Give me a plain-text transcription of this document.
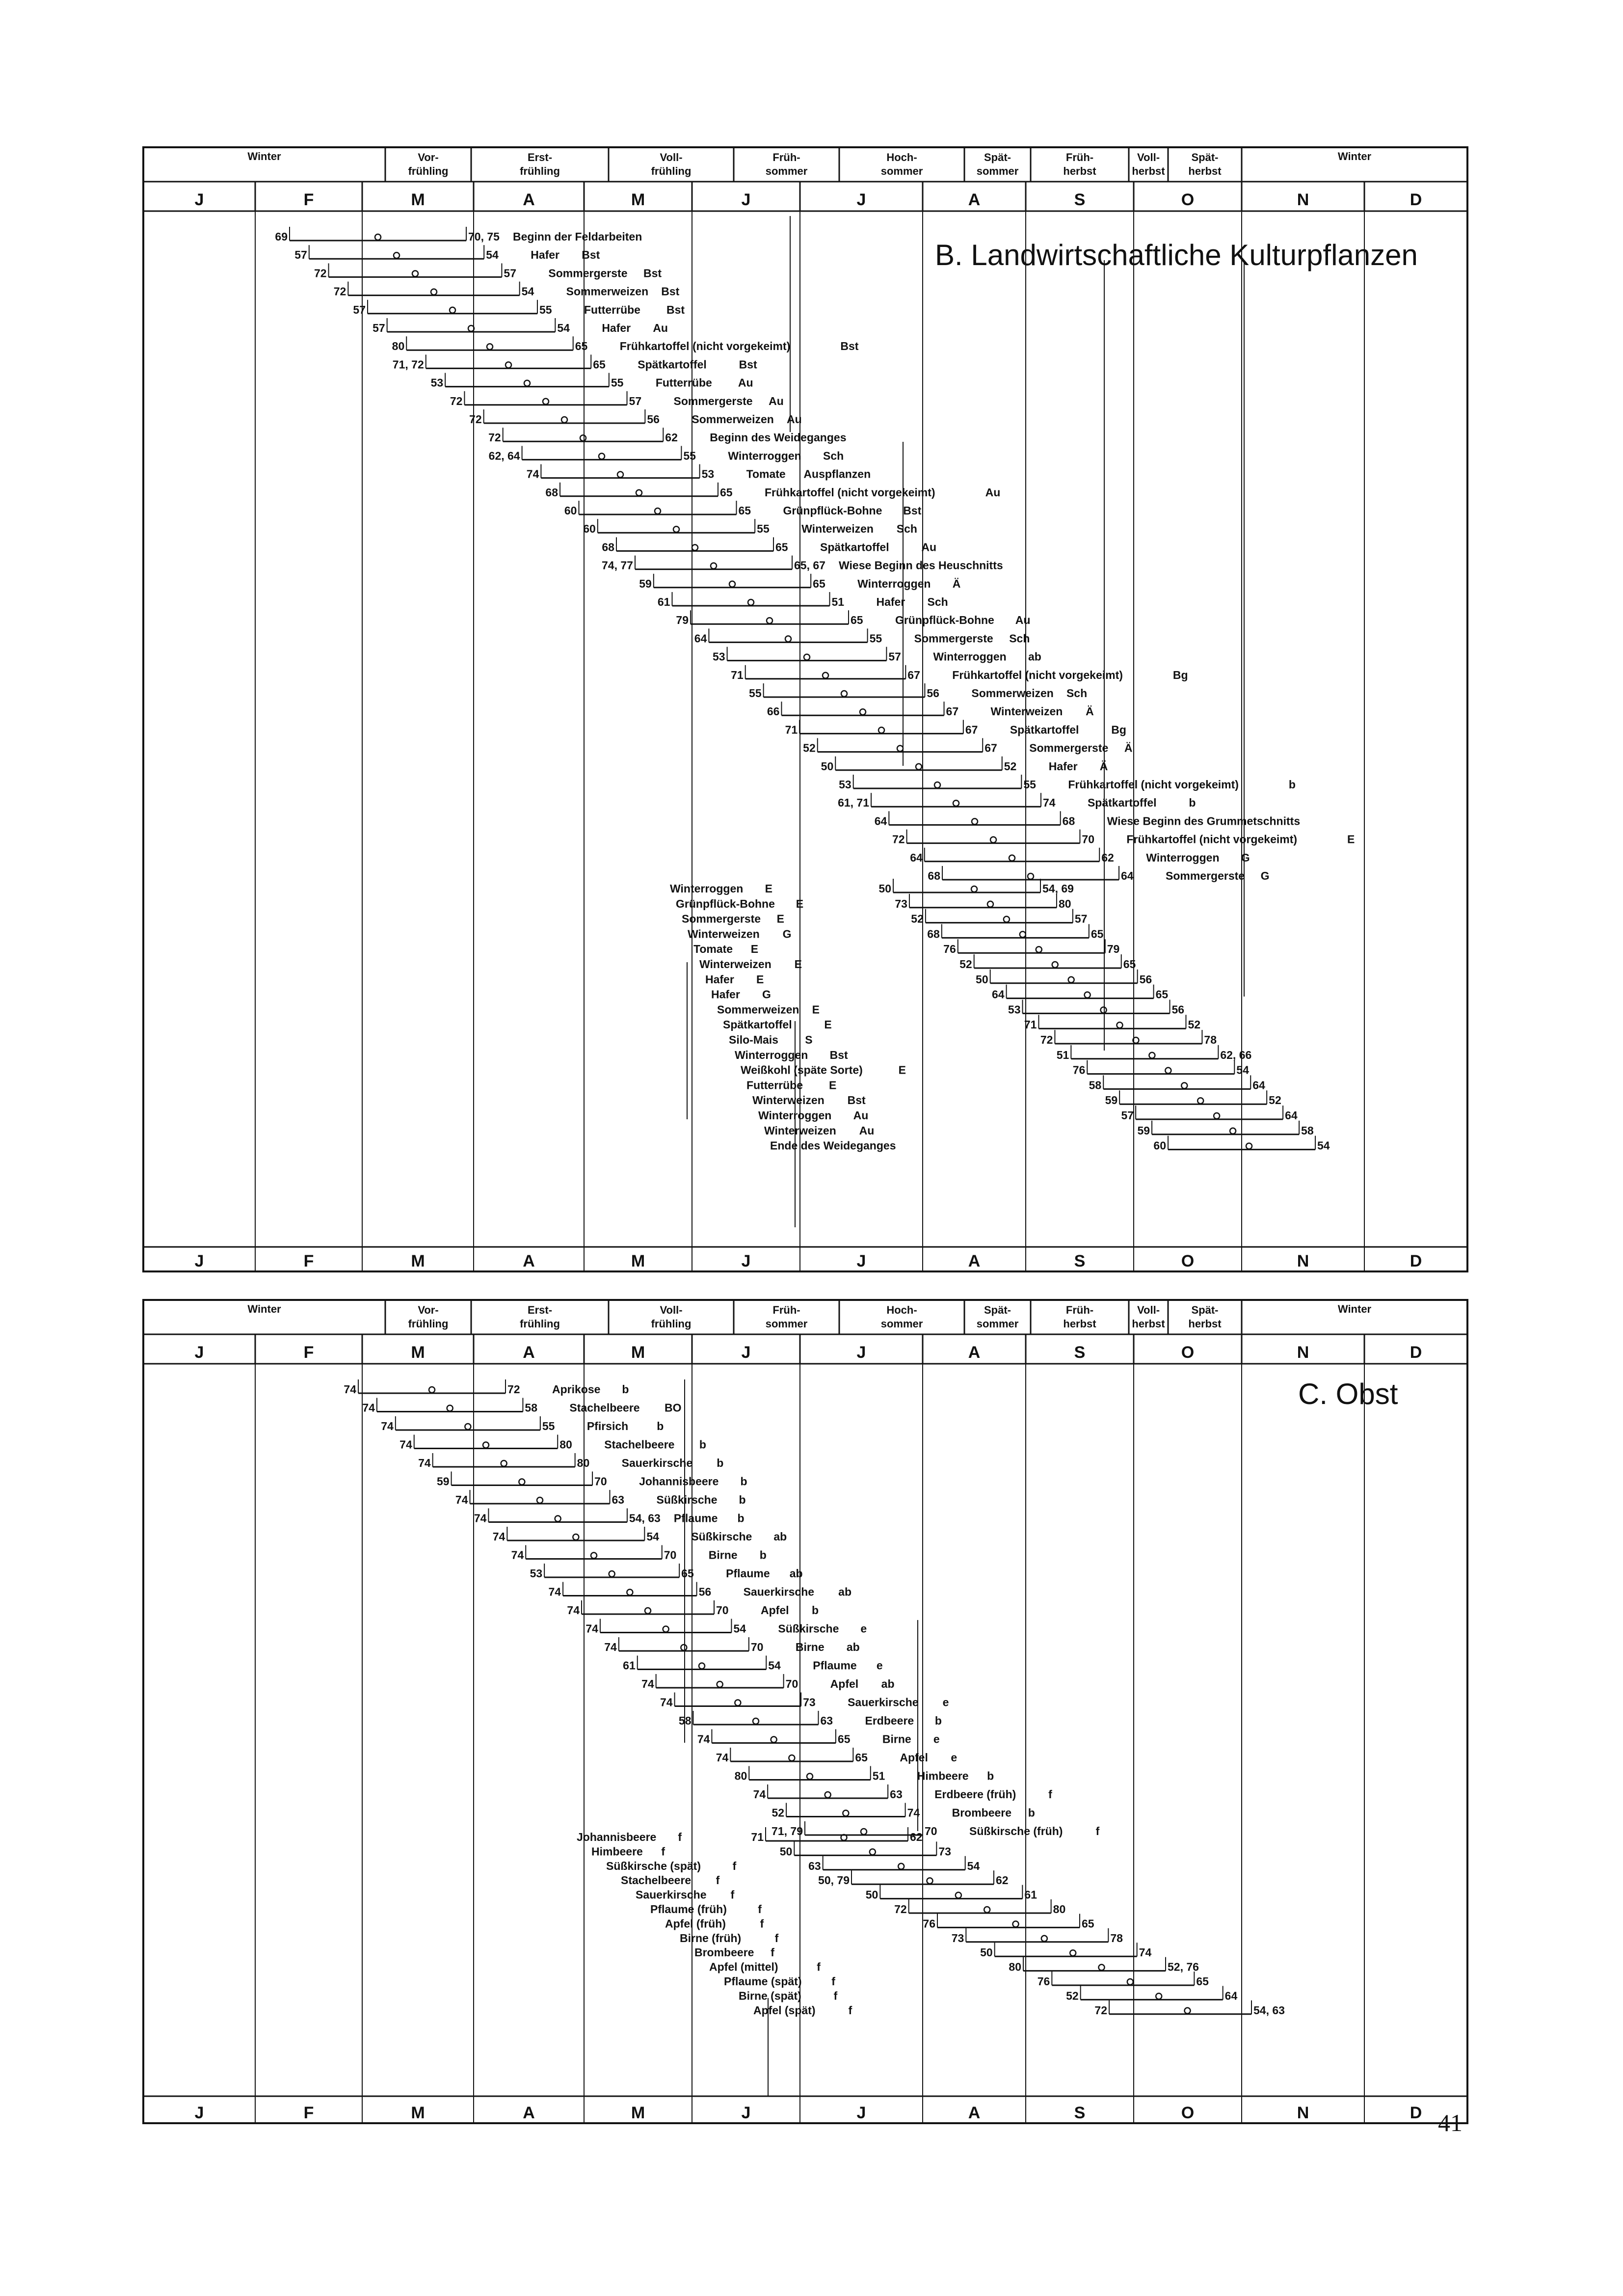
Winter	Vor-
frühling
Erst-
frühling
Voll-
frühling
Früh-
sommer
Hoch-
sommer
Spät-
sommer
Früh-
herbst
Voll-
herbst
Spät-
herbst
Winter
J
J
F
F
M
M
A
A
M
M
J
J
J
J
A
A
S
S
O
O
N
N
D
D
B. Landwirtschaftliche Kulturpflanzen
69	70, 75 Beginn der Feldarbeiten
57	54	Hafer Bst
72	57	Sommergerste Bst
72	54	Sommerweizen Bst
57	55	Futterrübe Bst
57	54	Hafer Au
80	65	Frühkartoffel (nicht vorgekeimt)	Bst
71, 72	65	Spätkartoffel	Bst
53	55	Futterrübe Au
72	57	Sommergerste Au
72	56	Sommerweizen Au
72	62	Beginn des Weideganges
62, 64	55	Winterroggen Sch
74	53	Tomate Auspflanzen
68	65	Frühkartoffel (nicht vorgekeimt)	Au
60	65	Grünpflück-Bohne Bst
60	55	Winterweizen Sch
68	65	Spätkartoffel	Au
74, 77	65, 67 Wiese Beginn des Heuschnitts
59	65	Winterroggen Ä
61	51	Hafer Sch
79	65	Grünpflück-Bohne Au
64	55	Sommergerste Sch
53	57	Winterroggen ab
71	67	Frühkartoffel (nicht vorgekeimt)	Bg
55	56	Sommerweizen Sch
66	67	Winterweizen Ä
71	67	Spätkartoffel	Bg
52	67	Sommergerste Ä
50	52	Hafer Ä
53	55	Frühkartoffel (nicht vorgekeimt)	b
61, 71	74	Spätkartoffel	b
64	68	Wiese Beginn des Grummetschnitts
72	70	Frühkartoffel (nicht vorgekeimt)	E
64	62	Winterroggen G
68	64	Sommergerste G
Winterroggen E	50	54, 69
Grünpflück-Bohne E	73	80
Sommergerste E	52	57
Winterweizen G	68	65
Tomate E	76	79
Winterweizen E	52	65
Hafer E	50	56
Hafer G	64	65
Sommerweizen E	53	56
Spätkartoffel	E	71	52
Silo-Mais S	72	78
Winterroggen Bst	51	62, 66
Weißkohl (späte Sorte)	E	76	54
Futterrübe E	58	64
Winterweizen Bst	59	52
Winterroggen Au	57	64
Winterweizen Au	59	58
Ende des Weideganges	60	54
Winter	Vor-
frühling
Erst-
frühling
Voll-
frühling
Früh-
sommer
Hoch-
sommer
Spät-
sommer
Früh-
herbst
Voll-
herbst
Spät-
herbst
Winter
J
J
F
F
M
M
A
A
M
M
J
J
J
J
A
A
S
S
O
O
N
N
D
D
C. Obst
74	72	Aprikose b
74	58	Stachelbeere BO
74	55	Pfirsich	b
74	80	Stachelbeere b
74	80	Sauerkirsche b
59	70	Johannisbeere b
74	63	Süßkirsche b
74	54, 63 Pflaume b
74	54	Süßkirsche ab
74	70	Birne b
53	65	Pflaume ab
74	56	Sauerkirsche ab
74	70	Apfel b
74	54	Süßkirsche e
74	70	Birne ab
61	54	Pflaume e
74	70	Apfel ab
74	73	Sauerkirsche e
58	63	Erdbeere b
74	65	Birne e
74	65	Apfel e
80	51	Himbeere b
74	63	Erdbeere (früh)	f
52	74	Brombeere b
71, 79	70	Süßkirsche (früh)	f
Johannisbeere f	71	62
Himbeere f	50	73
Süßkirsche (spät)	f	63	54
Stachelbeere f	50, 79	62
Sauerkirsche f	50	61
Pflaume (früh)	f	72	80
Apfel (früh)	f	76	65
Birne (früh)	f	73	78
Brombeere f	50	74
Apfel (mittel)	f	80	52, 76
Pflaume (spät)	f	76	65
Birne (spät)	f	52	64
Apfel (spät)	f	72	54, 63
41
